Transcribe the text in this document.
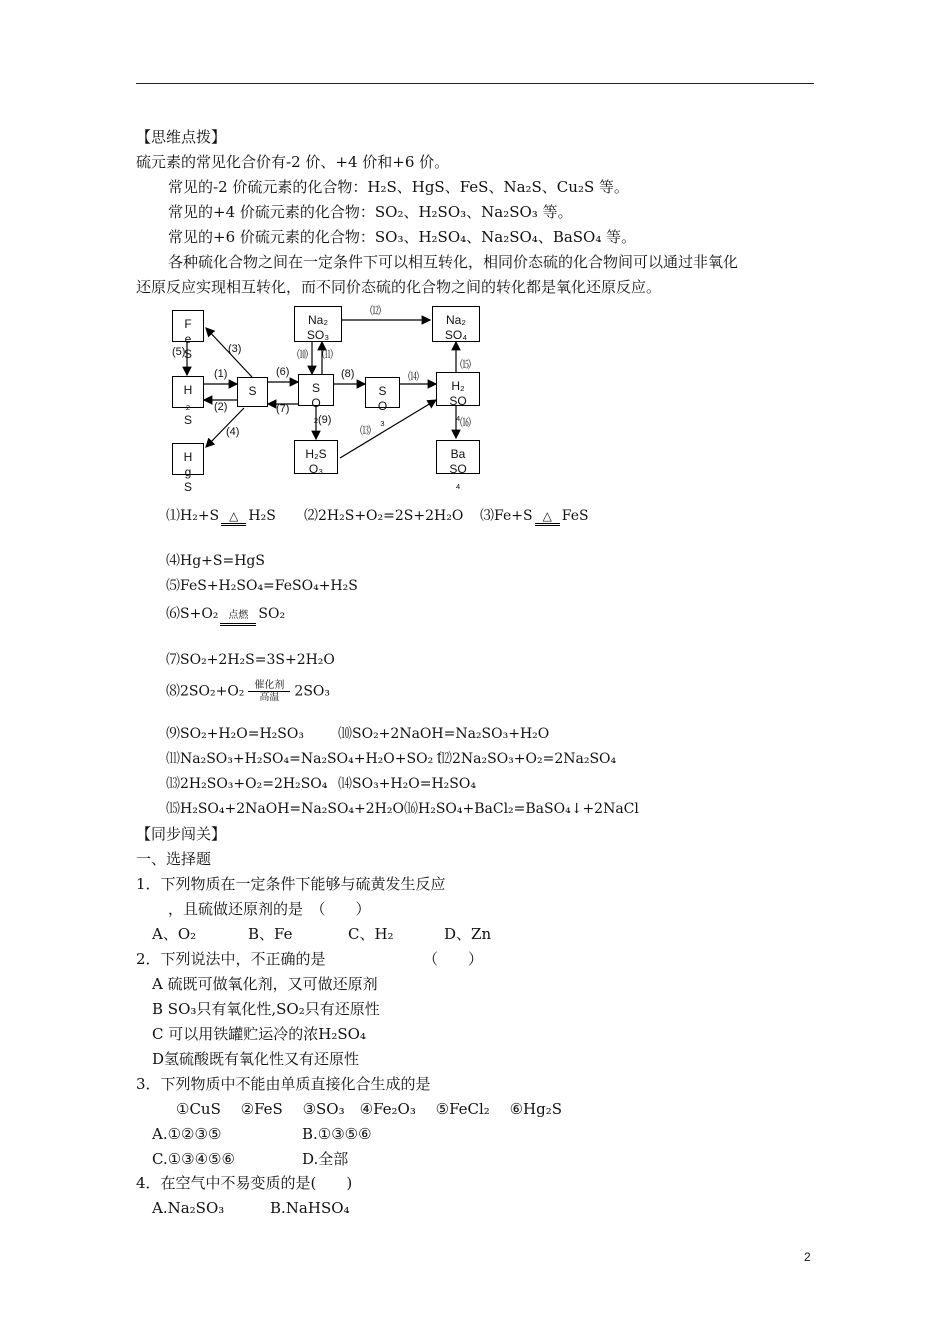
【思维点拨】
硫元素的常见化合价有-2 价、+4 价和+6 价。
常见的-2 价硫元素的化合物：H₂S、HgS、FeS、Na₂S、Cu₂S 等。
常见的+4 价硫元素的化合物：SO₂、H₂SO₃、Na₂SO₃ 等。
常见的+6 价硫元素的化合物：SO₃、H₂SO₄、Na₂SO₄、BaSO₄ 等。
各种硫化合物之间在一定条件下可以相互转化，相同价态硫的化合物间可以通过非氧化
还原反应实现相互转化，而不同价态硫的化合物之间的转化都是氧化还原反应。
F
e
S
H
₂
S
H
g
S
S	S
O
₂
S
O
₃
Na₂
SO₃
Na₂
SO₄
H₂
SO
₄
H₂S
O₃
Ba
SO
₄
(1)
(2)
(3)
(4)
(5)
(6)
(7)
(8)
(9)
⑽ ⑾
⑿
⒀
⒁
⒂
⒃
⑴H₂+S △ H₂S ⑵2H₂S+O₂=2S+2H₂O ⑶Fe+S △ FeS
⑷Hg+S=HgS
⑸FeS+H₂SO₄=FeSO₄+H₂S
⑹S+O₂ 点燃 SO₂
⑺SO₂+2H₂S=3S+2H₂O
⑻2SO₂+O₂	催化剂
高温	2SO₃
⑼SO₂+H₂O=H₂SO₃ ⑽SO₂+2NaOH=Na₂SO₃+H₂O
⑾Na₂SO₃+H₂SO₄=Na₂SO₄+H₂O+SO₂↑
⑿2Na₂SO₃+O₂=2Na₂SO₄
⒀2H₂SO₃+O₂=2H₂SO₄ ⒁SO₃+H₂O=H₂SO₄
⒂H₂SO₄+2NaOH=Na₂SO₄+2H₂O ⒃H₂SO₄+BaCl₂=BaSO₄↓+2NaCl
【同步闯关】
一、选择题
1．下列物质在一定条件下能够与硫黄发生反应
，且硫做还原剂的是　（　　）
A、O₂	B、Fe	C、H₂	D、Zn
2．下列说法中，不正确的是　　　　　　　（　　）
A 硫既可做氧化剂，又可做还原剂
B SO₃只有氧化性,SO₂只有还原性
C 可以用铁罐贮运冷的浓H₂SO₄
D氢硫酸既有氧化性又有还原性
3．下列物质中不能由单质直接化合生成的是
①CuS　 ②FeS　 ③SO₃　④Fe₂O₃　 ⑤FeCl₂　 ⑥Hg₂S
A.①②③⑤	B.①③⑤⑥
C.①③④⑤⑥	D.全部
4．在空气中不易变质的是(　　)
A.Na₂SO₃	B.NaHSO₄
2
